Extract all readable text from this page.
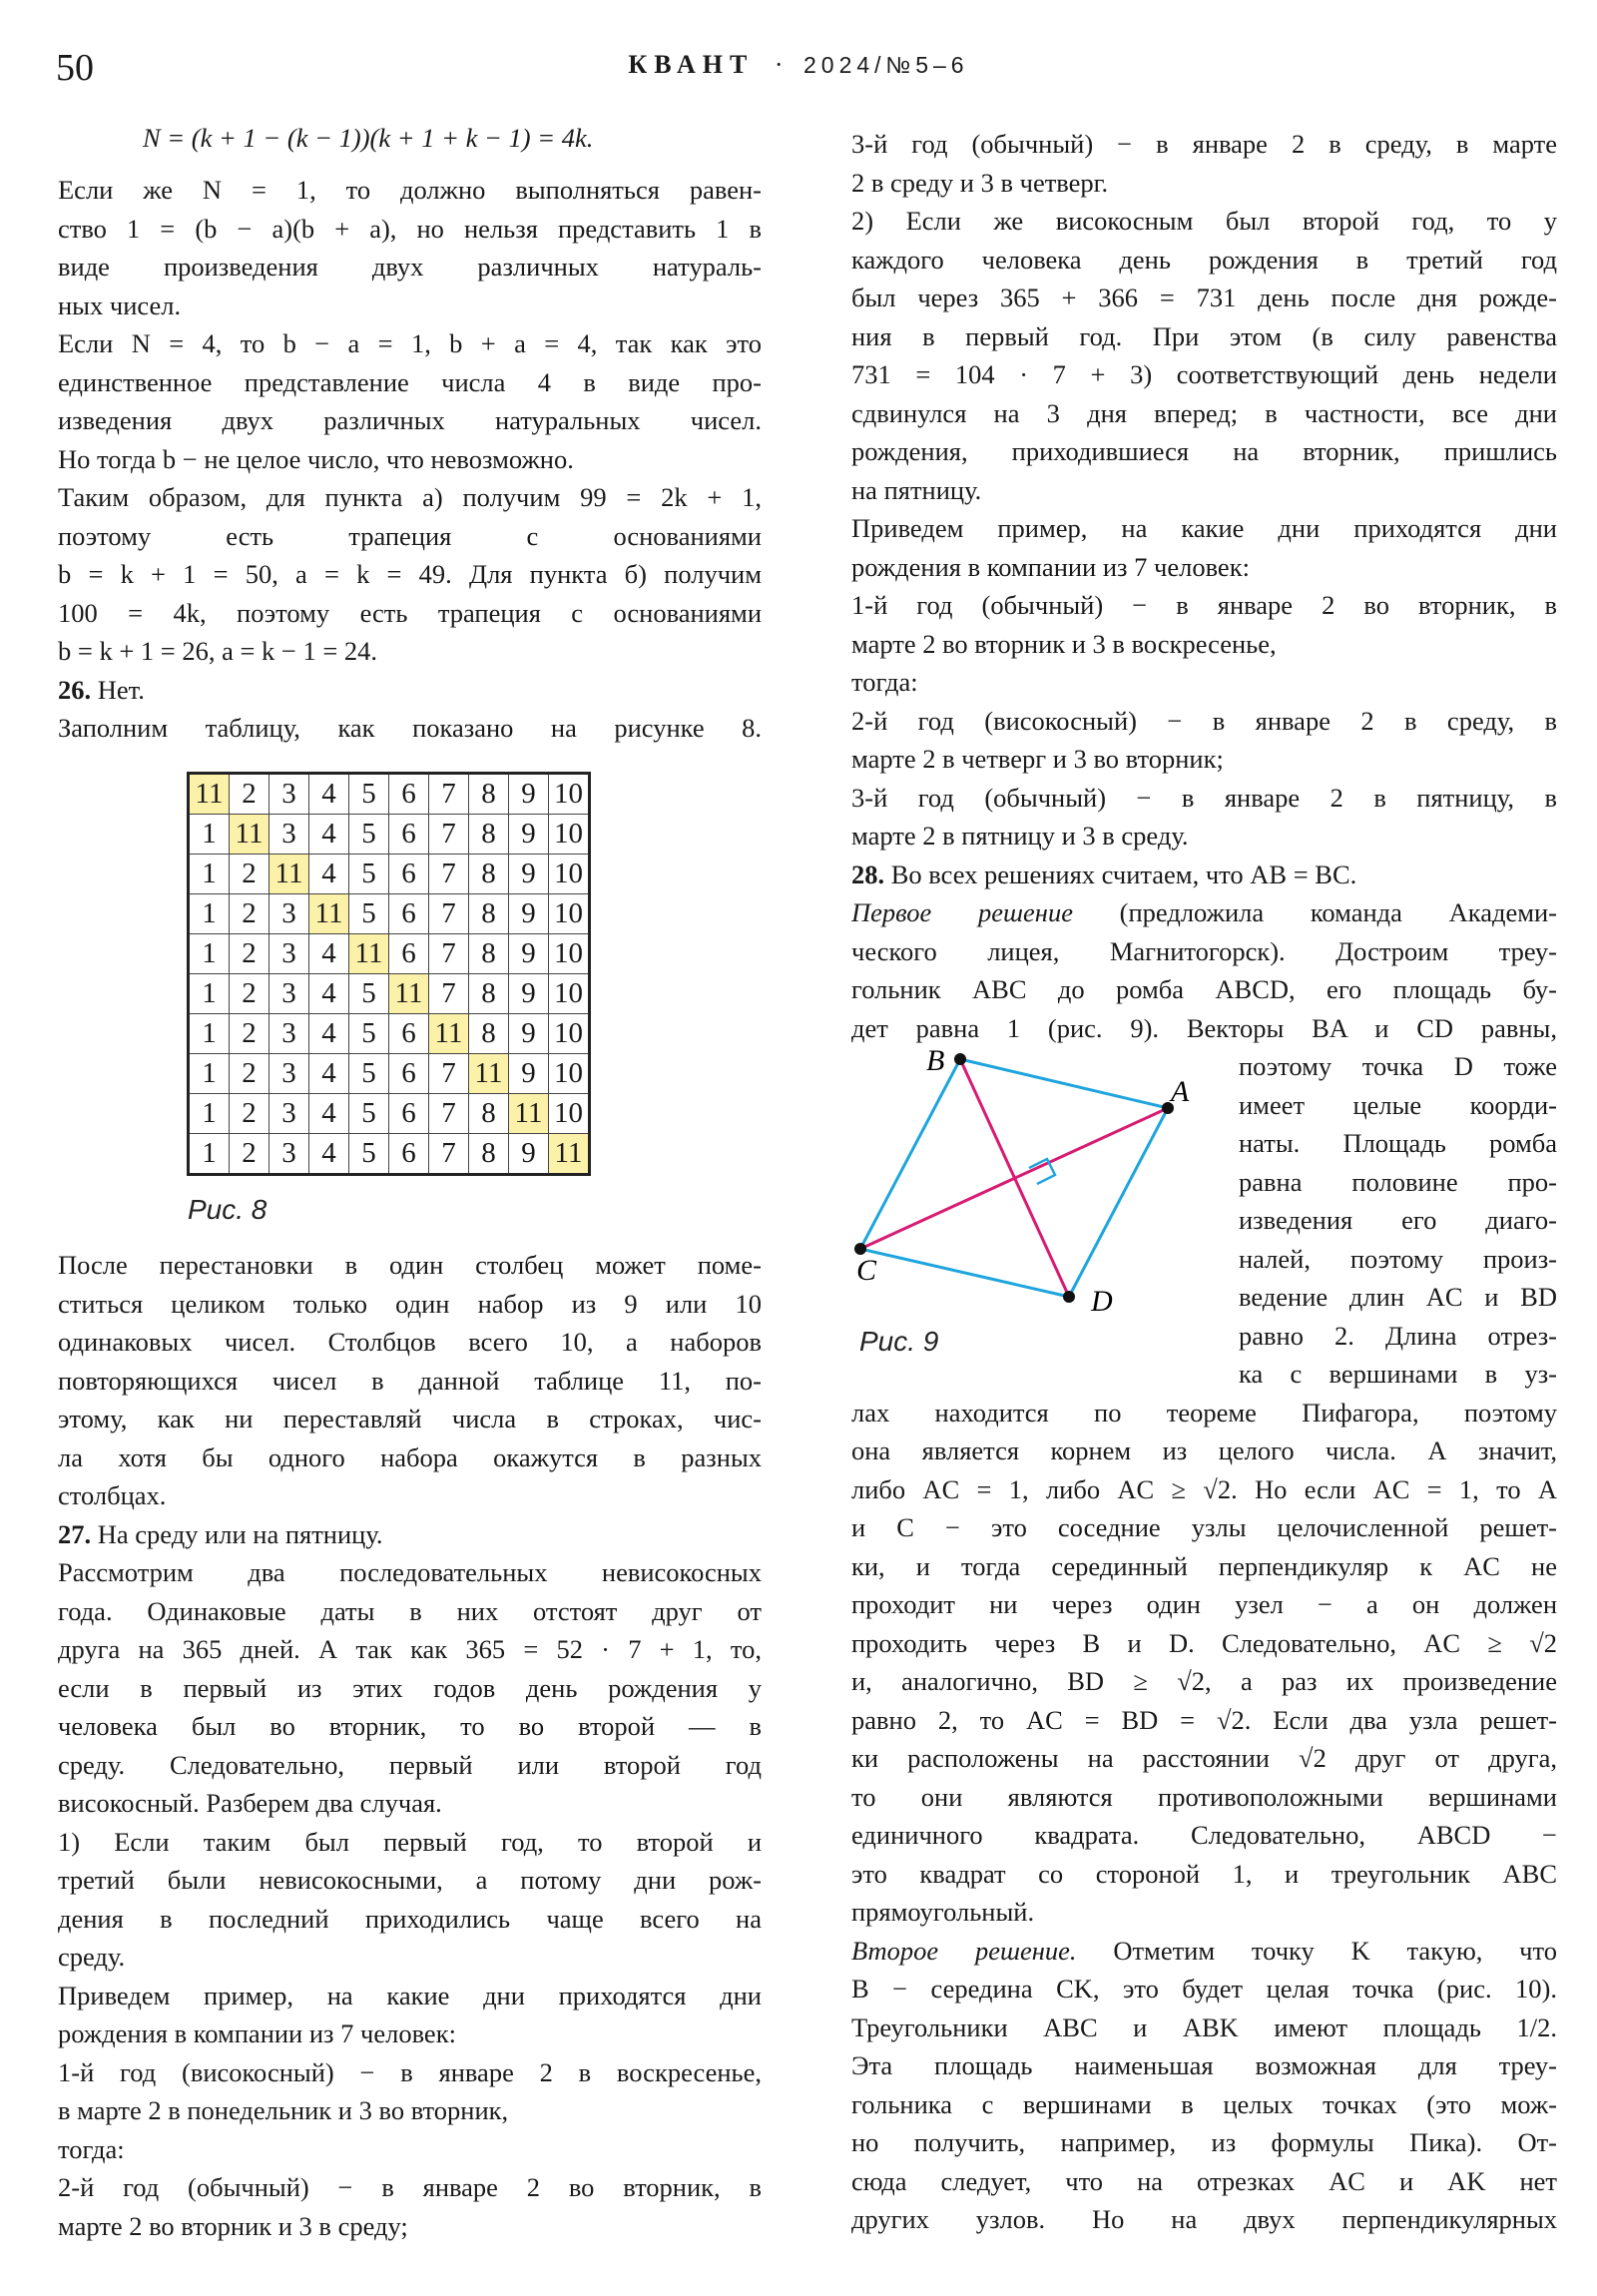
50	КВАНТ · 2024/№5–6
N = (k + 1 − (k − 1))(k + 1 + k − 1) = 4k.
Если же N = 1, то должно выполняться равен-
ство 1 = (b − a)(b + a), но нельзя представить 1 в
виде произведения двух различных натураль-
ных чисел.
Если N = 4, то b − a = 1, b + a = 4, так как это
единственное представление числа 4 в виде про-
изведения двух различных натуральных чисел.
Но тогда b − не целое число, что невозможно.
Таким образом, для пункта а) получим 99 = 2k + 1,
поэтому есть трапеция с основаниями
b = k + 1 = 50, a = k = 49. Для пункта б) получим
100 = 4k, поэтому есть трапеция с основаниями
b = k + 1 = 26, a = k − 1 = 24.
26. Нет.
Заполним таблицу, как показано на рисунке 8.
После перестановки в один столбец может поме-
ститься целиком только один набор из 9 или 10
одинаковых чисел. Столбцов всего 10, а наборов
повторяющихся чисел в данной таблице 11, по-
этому, как ни переставляй числа в строках, чис-
ла хотя бы одного набора окажутся в разных
столбцах.
27. На среду или на пятницу.
Рассмотрим два последовательных невисокосных
года. Одинаковые даты в них отстоят друг от
друга на 365 дней. А так как 365 = 52 · 7 + 1, то,
если в первый из этих годов день рождения у
человека был во вторник, то во второй — в
среду. Следовательно, первый или второй год
високосный. Разберем два случая.
1) Если таким был первый год, то второй и
третий были невисокосными, а потому дни рож-
дения в последний приходились чаще всего на
среду.
Приведем пример, на какие дни приходятся дни
рождения в компании из 7 человек:
1-й год (високосный) − в январе 2 в воскресенье,
в марте 2 в понедельник и 3 во вторник,
тогда:
2-й год (обычный) − в январе 2 во вторник, в
марте 2 во вторник и 3 в среду;
11	2	3	4	5	6	7	8	9	10
1	11	3	4	5	6	7	8	9	10
1	2	11	4	5	6	7	8	9	10
1	2	3	11	5	6	7	8	9	10
1	2	3	4	11	6	7	8	9	10
1	2	3	4	5	11	7	8	9	10
1	2	3	4	5	6	11	8	9	10
1	2	3	4	5	6	7	11	9	10
1	2	3	4	5	6	7	8	11	10
1	2	3	4	5	6	7	8	9	11
Рис. 8
3-й год (обычный) − в январе 2 в среду, в марте
2 в среду и 3 в четверг.
2) Если же високосным был второй год, то у
каждого человека день рождения в третий год
был через 365 + 366 = 731 день после дня рожде-
ния в первый год. При этом (в силу равенства
731 = 104 · 7 + 3) соответствующий день недели
сдвинулся на 3 дня вперед; в частности, все дни
рождения, приходившиеся на вторник, пришлись
на пятницу.
Приведем пример, на какие дни приходятся дни
рождения в компании из 7 человек:
1-й год (обычный) − в январе 2 во вторник, в
марте 2 во вторник и 3 в воскресенье,
тогда:
2-й год (високосный) − в январе 2 в среду, в
марте 2 в четверг и 3 во вторник;
3-й год (обычный) − в январе 2 в пятницу, в
марте 2 в пятницу и 3 в среду.
28. Во всех решениях считаем, что AB = BC.
Первое решение (предложила команда Академи-
ческого лицея, Магнитогорск). Достроим треу-
гольник ABC до ромба ABCD, его площадь бу-
дет равна 1 (рис. 9). Векторы BA и CD равны,
поэтому точка D тоже
имеет целые коорди-
наты. Площадь ромба
равна половине про-
изведения его диаго-
налей, поэтому произ-
ведение длин AC и BD
равно 2. Длина отрез-
ка с вершинами в уз-
лах находится по теореме Пифагора, поэтому
она является корнем из целого числа. А значит,
либо AC = 1, либо AC ≥ √2. Но если AC = 1, то A
и C − это соседние узлы целочисленной решет-
ки, и тогда серединный перпендикуляр к AC не
проходит ни через один узел − а он должен
проходить через B и D. Следовательно, AC ≥ √2
и, аналогично, BD ≥ √2, а раз их произведение
равно 2, то AC = BD = √2. Если два узла решет-
ки расположены на расстоянии √2 друг от друга,
то они являются противоположными вершинами
единичного квадрата. Следовательно, ABCD −
это квадрат со стороной 1, и треугольник ABC
прямоугольный.
Второе решение. Отметим точку K такую, что
B − середина CK, это будет целая точка (рис. 10).
Треугольники ABC и ABK имеют площадь 1/2.
Эта площадь наименьшая возможная для треу-
гольника с вершинами в целых точках (это мож-
но получить, например, из формулы Пика). От-
сюда следует, что на отрезках AC и AK нет
других узлов. Но на двух перпендикулярных
B
A
C
D
Рис. 9
